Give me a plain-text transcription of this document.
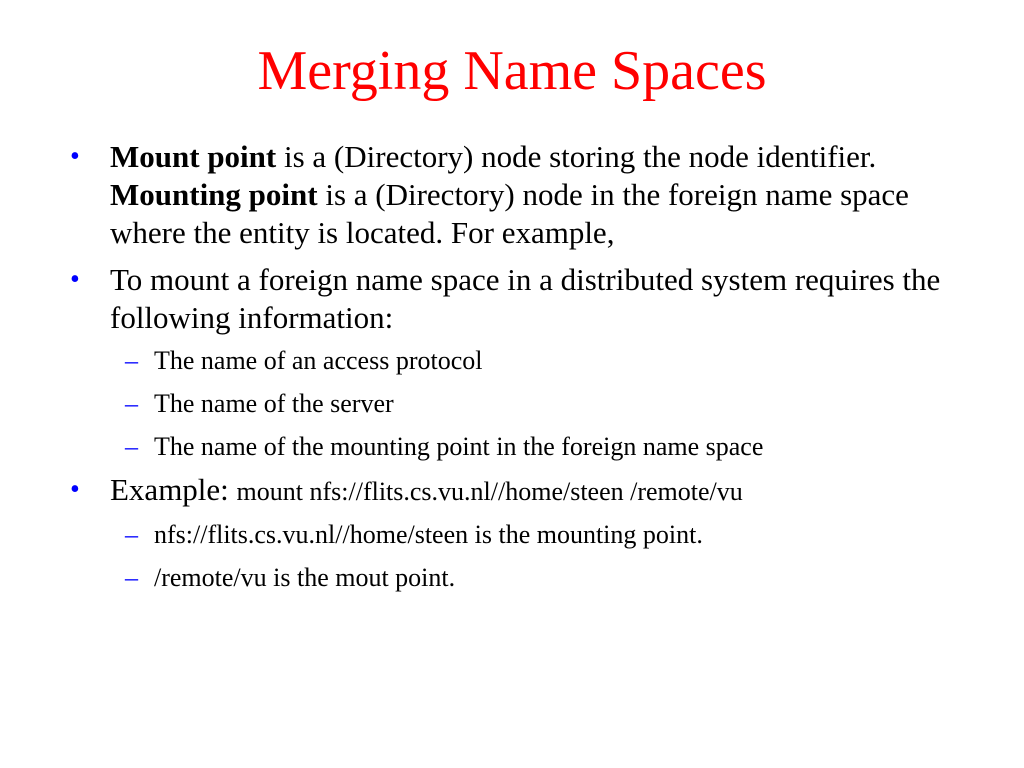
Merging Name Spaces
• Mount point is a (Directory) node storing the node identifier. Mounting point is a (Directory) node in the foreign name space where the entity is located. For example,
• To mount a foreign name space in a distributed system requires the following information:
– The name of an access protocol
– The name of the server
– The name of the mounting point in the foreign name space
• Example: mount nfs://flits.cs.vu.nl//home/steen /remote/vu
– nfs://flits.cs.vu.nl//home/steen is the mounting point.
– /remote/vu is the mout point.
